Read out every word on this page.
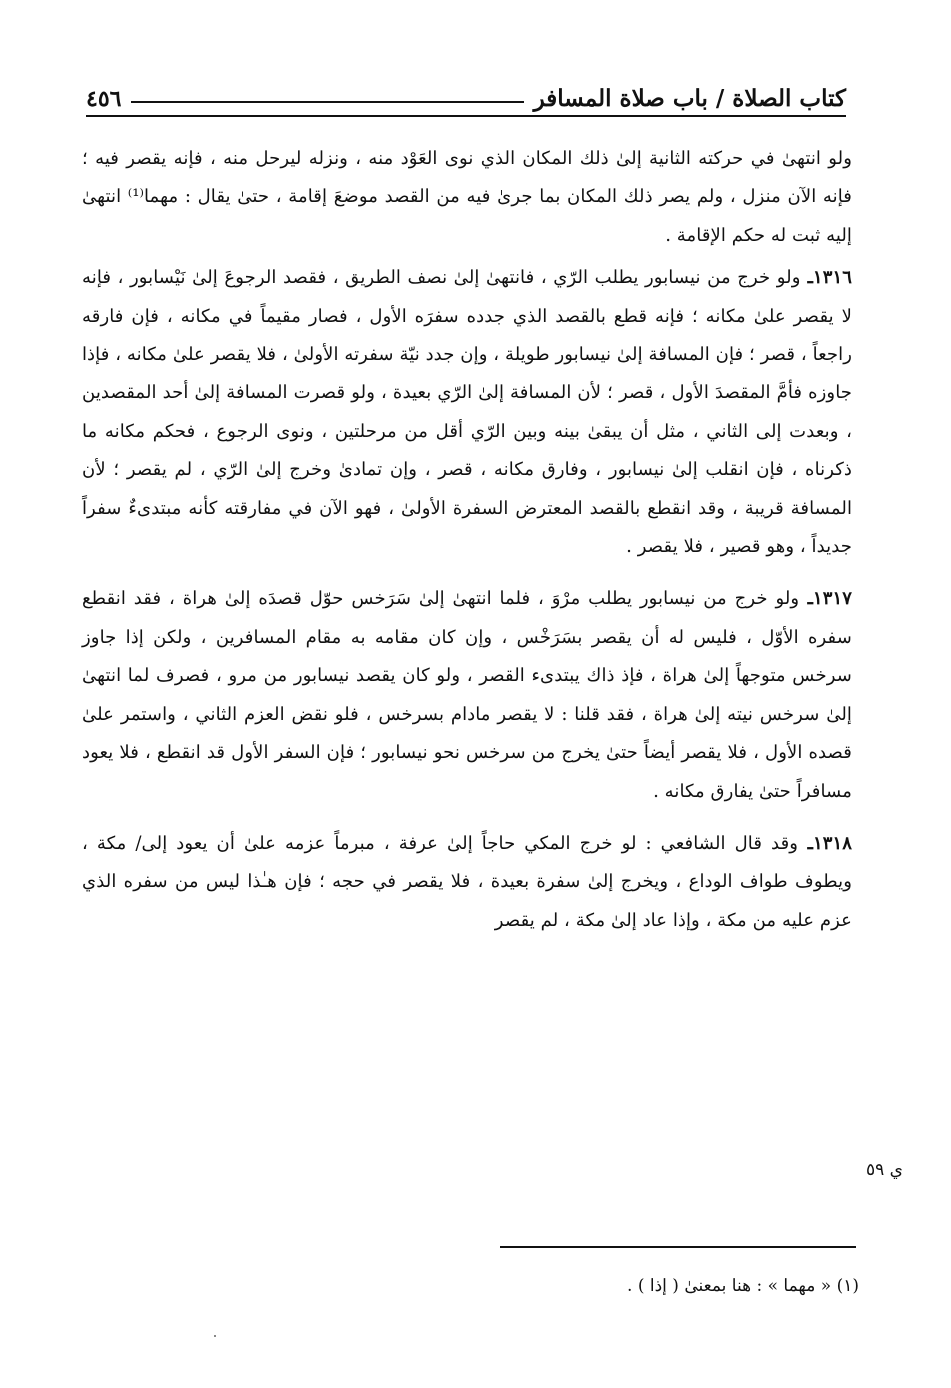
كتاب الصلاة / باب صلاة المسافر
٤٥٦

ولو انتهىٰ في حركته الثانية إلىٰ ذلك المكان الذي نوى العَوْد منه ، ونزله ليرحل منه ، فإنه يقصر فيه ؛ فإنه الآن منزل ، ولم يصر ذلك المكان بما جرىٰ فيه من القصد موضعَ إقامة ، حتىٰ يقال : مهما⁽¹⁾ انتهىٰ إليه ثبت له حكم الإقامة .

١٣١٦ـ ولو خرج من نيسابور يطلب الرّي ، فانتهىٰ إلىٰ نصف الطريق ، فقصد الرجوعَ إلىٰ نَيْسابور ، فإنه لا يقصر علىٰ مكانه ؛ فإنه قطع بالقصد الذي جدده سفرَه الأول ، فصار مقيماً في مكانه ، فإن فارقه راجعاً ، قصر ؛ فإن المسافة إلىٰ نيسابور طويلة ، وإن جدد نيّة سفرته الأولىٰ ، فلا يقصر علىٰ مكانه ، فإذا جاوزه فأمَّ المقصدَ الأول ، قصر ؛ لأن المسافة إلىٰ الرّي بعيدة ، ولو قصرت المسافة إلىٰ أحد المقصدين ، وبعدت إلى الثاني ، مثل أن يبقىٰ بينه وبين الرّي أقل من مرحلتين ، ونوى الرجوع ، فحكم مكانه ما ذكرناه ، فإن انقلب إلىٰ نيسابور ، وفارق مكانه ، قصر ، وإن تمادىٰ وخرج إلىٰ الرّي ، لم يقصر ؛ لأن المسافة قريبة ، وقد انقطع بالقصد المعترض السفرة الأولىٰ ، فهو الآن في مفارقته كأنه مبتدىءٌ سفراً جديداً ، وهو قصير ، فلا يقصر .

١٣١٧ـ ولو خرج من نيسابور يطلب مرْوَ ، فلما انتهىٰ إلىٰ سَرَخس حوّل قصدَه إلىٰ هراة ، فقد انقطع سفره الأوّل ، فليس له أن يقصر بسَرَخْس ، وإن كان مقامه به مقام المسافرين ، ولكن إذا جاوز سرخس متوجهاً إلىٰ هراة ، فإذ ذاك يبتدىء القصر ، ولو كان يقصد نيسابور من مرو ، فصرف لما انتهىٰ إلىٰ سرخس نيته إلىٰ هراة ، فقد قلنا : لا يقصر مادام بسرخس ، فلو نقض العزم الثاني ، واستمر علىٰ قصده الأول ، فلا يقصر أيضاً حتىٰ يخرج من سرخس نحو نيسابور ؛ فإن السفر الأول قد انقطع ، فلا يعود مسافراً حتىٰ يفارق مكانه .

١٣١٨ـ وقد قال الشافعي : لو خرج المكي حاجاً إلىٰ عرفة ، مبرماً عزمه علىٰ أن يعود إلى/ مكة ، ويطوف طواف الوداع ، ويخرج إلىٰ سفرة بعيدة ، فلا يقصر في حجه ؛ فإن هـٰذا ليس من سفره الذي عزم عليه من مكة ، وإذا عاد إلىٰ مكة ، لم يقصر

ي ٥٩
(١) « مهما » : هنا بمعنىٰ ( إذا ) .
